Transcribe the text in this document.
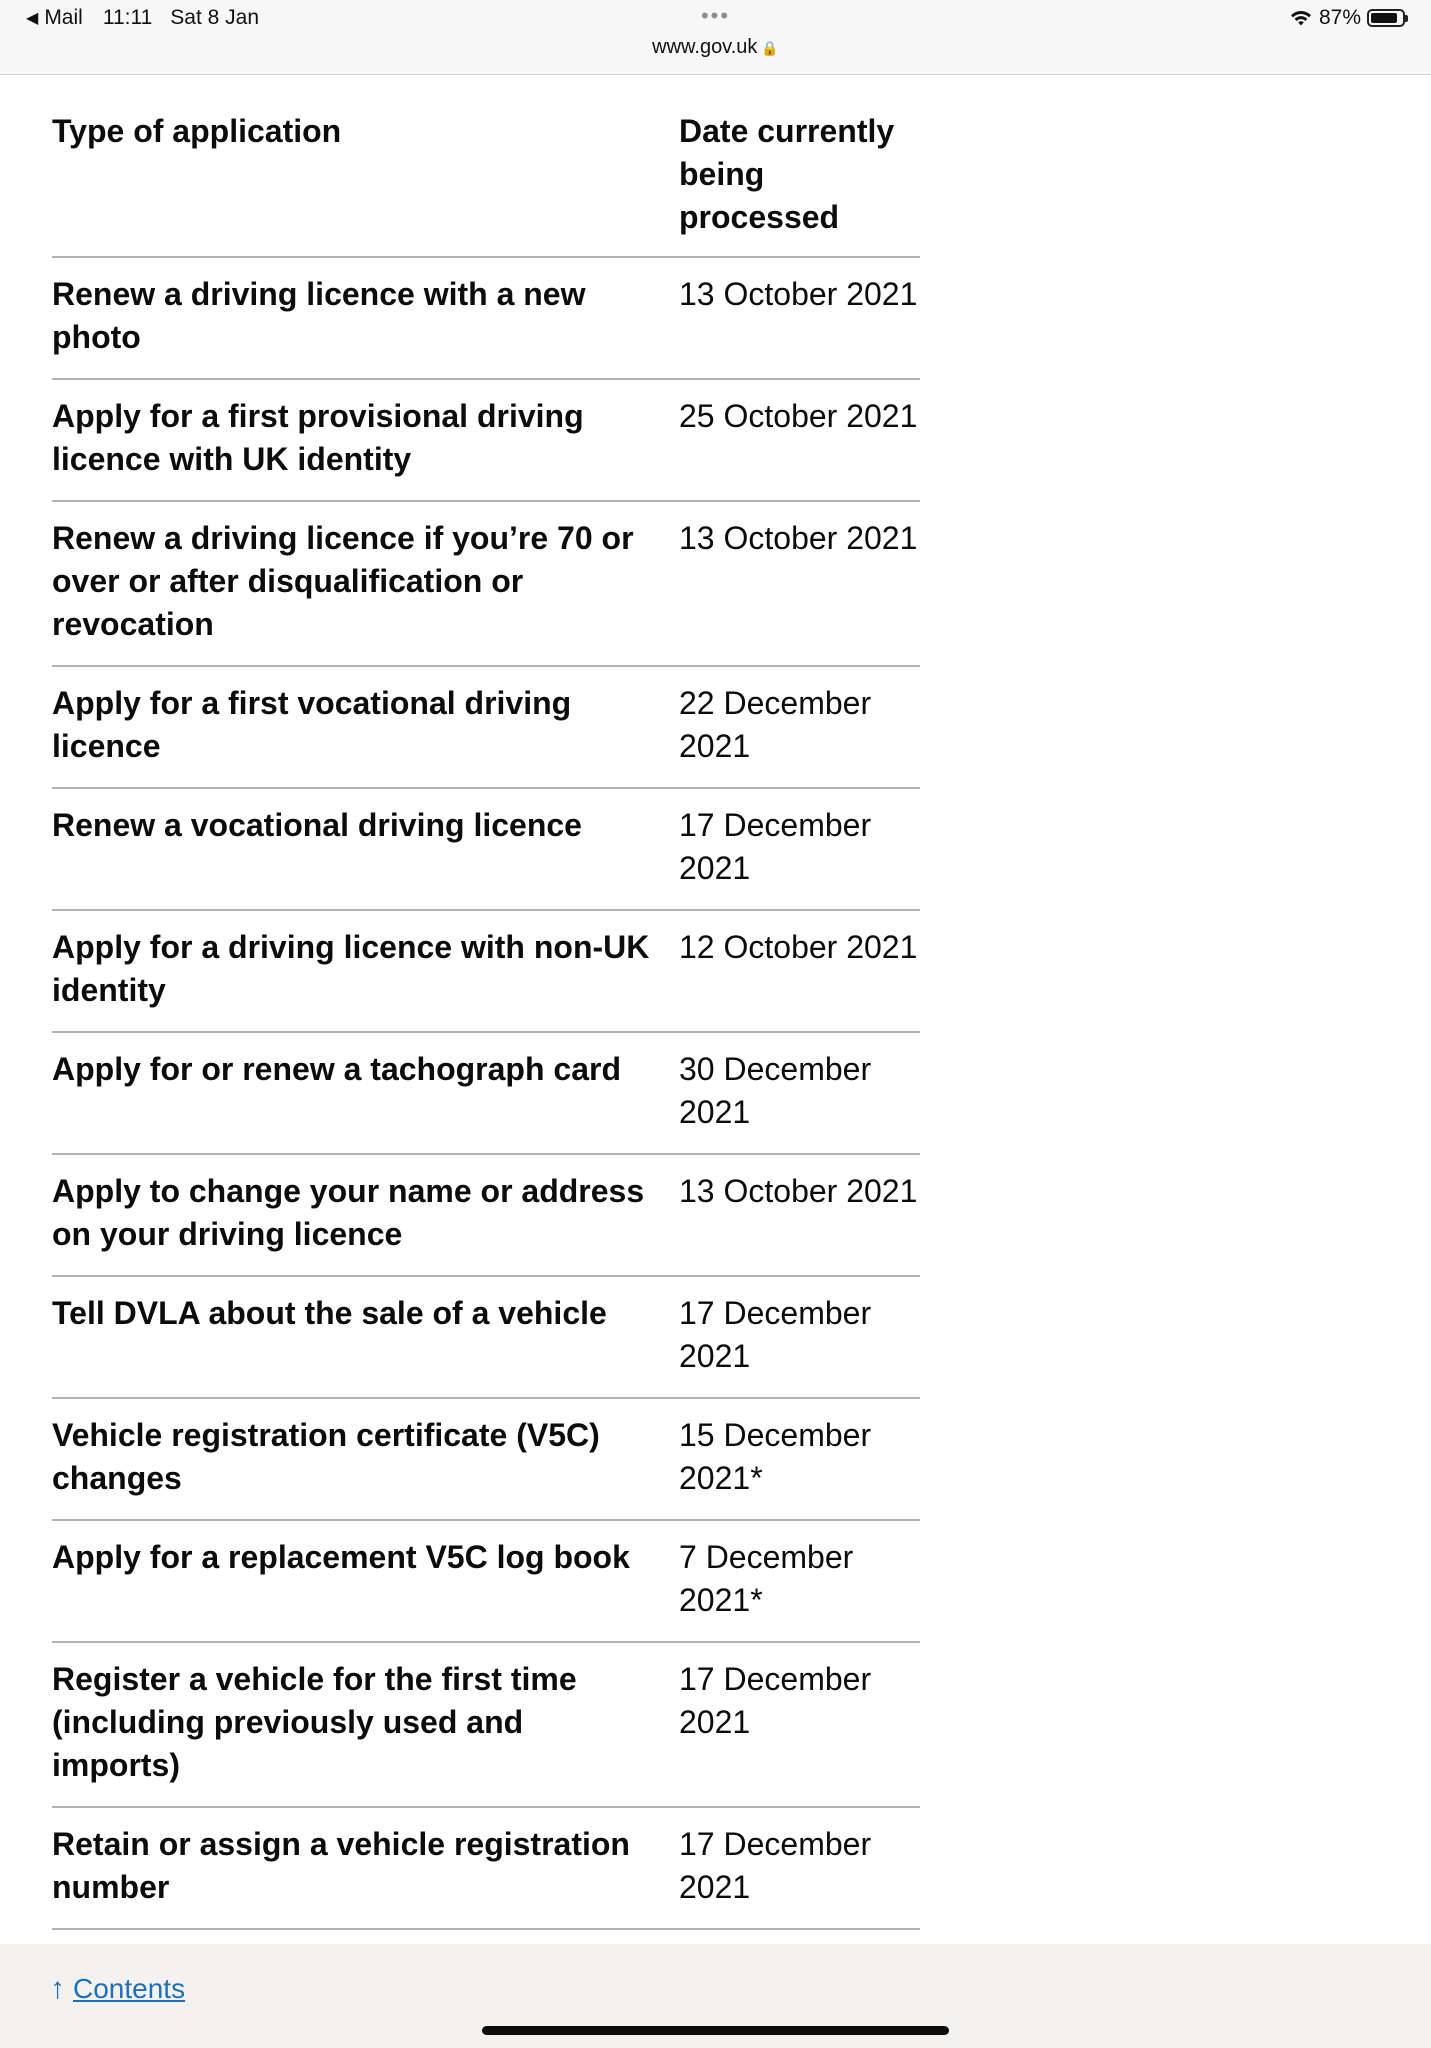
◀ Mail 11:11 Sat 8 Jan	•••
www.gov.uk 🔒
87%
Type of application	Date currently being processed
Renew a driving licence with a new photo	13 October 2021
Apply for a first provisional driving licence with UK identity	25 October 2021
Renew a driving licence if you’re 70 or over or after disqualification or revocation	13 October 2021
Apply for a first vocational driving licence	22 December 2021
Renew a vocational driving licence	17 December 2021
Apply for a driving licence with non-UK identity	12 October 2021
Apply for or renew a tachograph card	30 December 2021
Apply to change your name or address on your driving licence	13 October 2021
Tell DVLA about the sale of a vehicle	17 December 2021
Vehicle registration certificate (V5C) changes	15 December 2021*
Apply for a replacement V5C log book	7 December 2021*
Register a vehicle for the first time (including previously used and imports)	17 December 2021
Retain or assign a vehicle registration number	17 December 2021
↑ Contents
